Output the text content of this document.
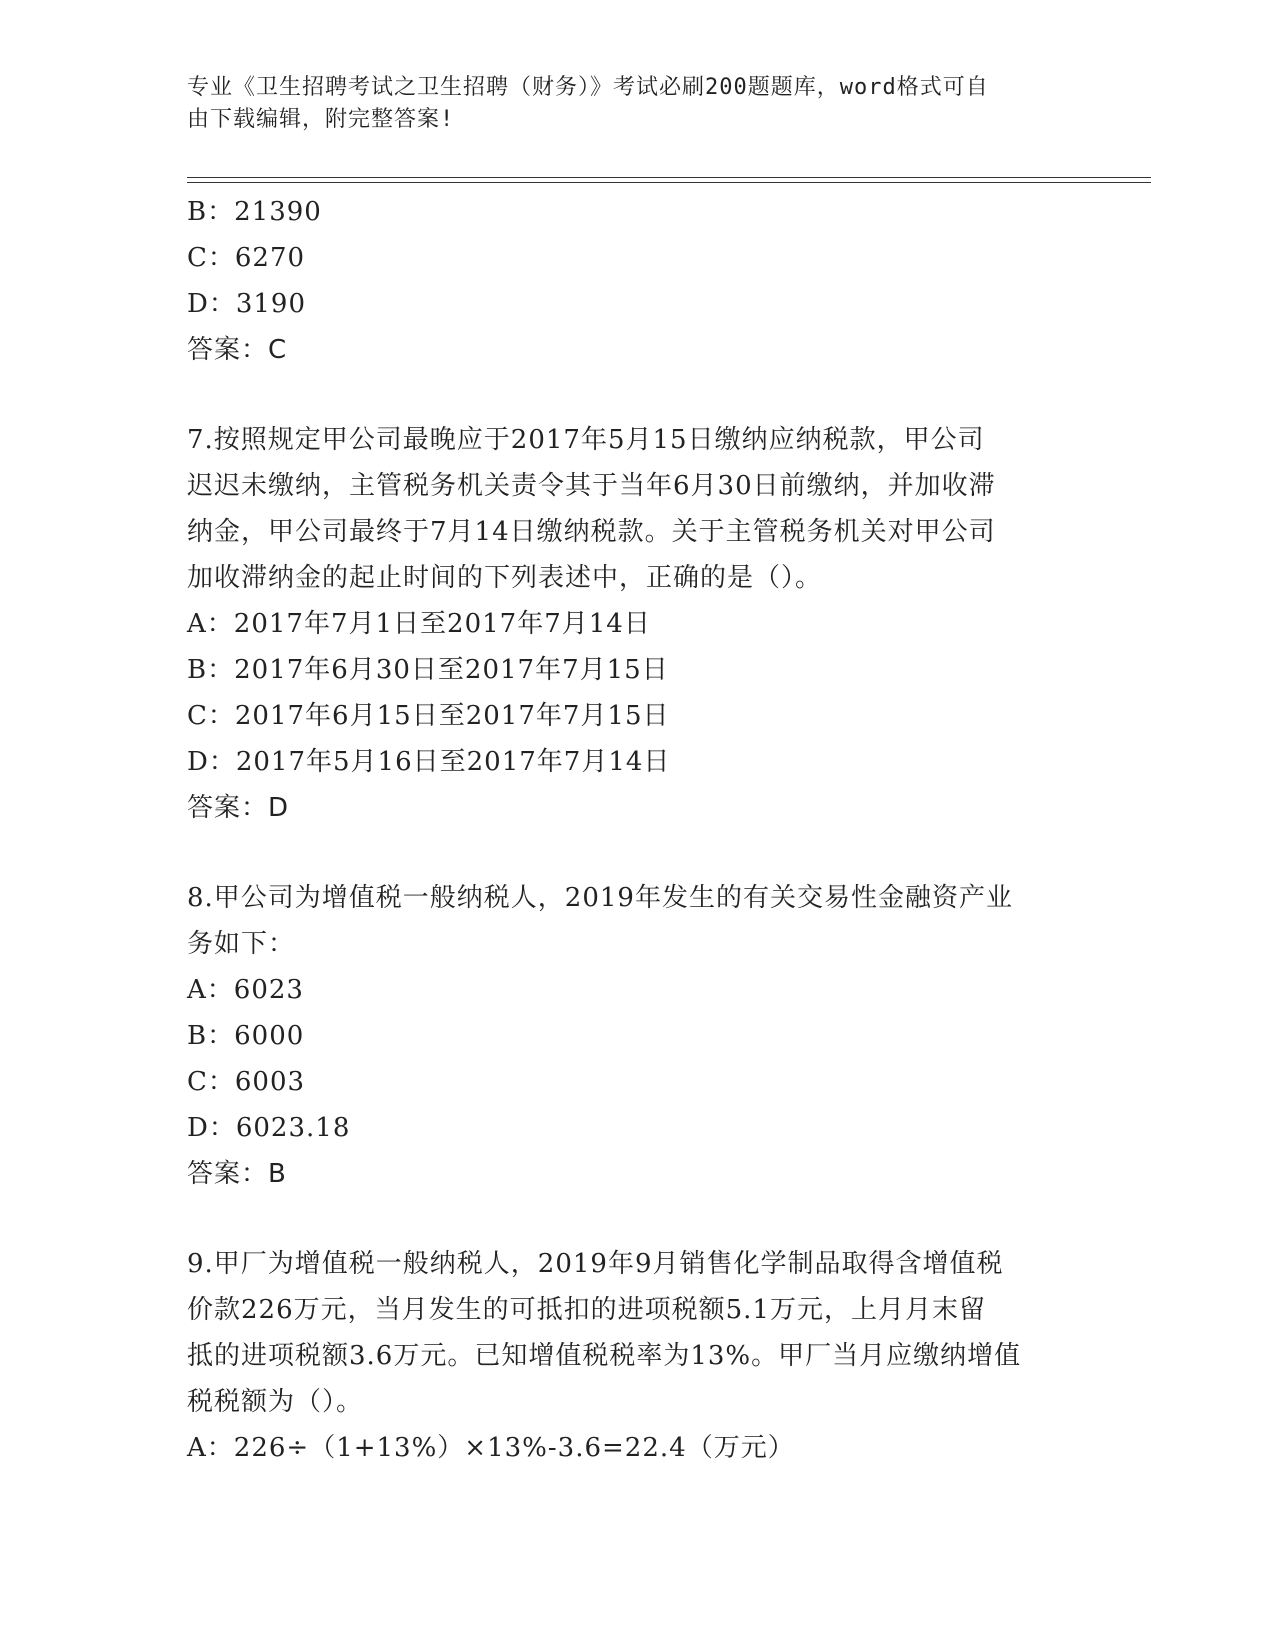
专业《卫生招聘考试之卫生招聘（财务）》考试必刷200题题库，word格式可自
由下载编辑，附完整答案!
B：21390
C：6270
D：3190
答案：C
7.按照规定甲公司最晚应于2017年5月15日缴纳应纳税款，甲公司
迟迟未缴纳，主管税务机关责令其于当年6月30日前缴纳，并加收滞
纳金，甲公司最终于7月14日缴纳税款。关于主管税务机关对甲公司
加收滞纳金的起止时间的下列表述中，正确的是（）。
A：2017年7月1日至2017年7月14日
B：2017年6月30日至2017年7月15日
C：2017年6月15日至2017年7月15日
D：2017年5月16日至2017年7月14日
答案：D
8.甲公司为增值税一般纳税人，2019年发生的有关交易性金融资产业
务如下：
A：6023
B：6000
C：6003
D：6023.18
答案：B
9.甲厂为增值税一般纳税人，2019年9月销售化学制品取得含增值税
价款226万元，当月发生的可抵扣的进项税额5.1万元，上月月末留
抵的进项税额3.6万元。已知增值税税率为13%。甲厂当月应缴纳增值
税税额为（）。
A：226÷（1+13%）×13%-3.6=22.4（万元）
